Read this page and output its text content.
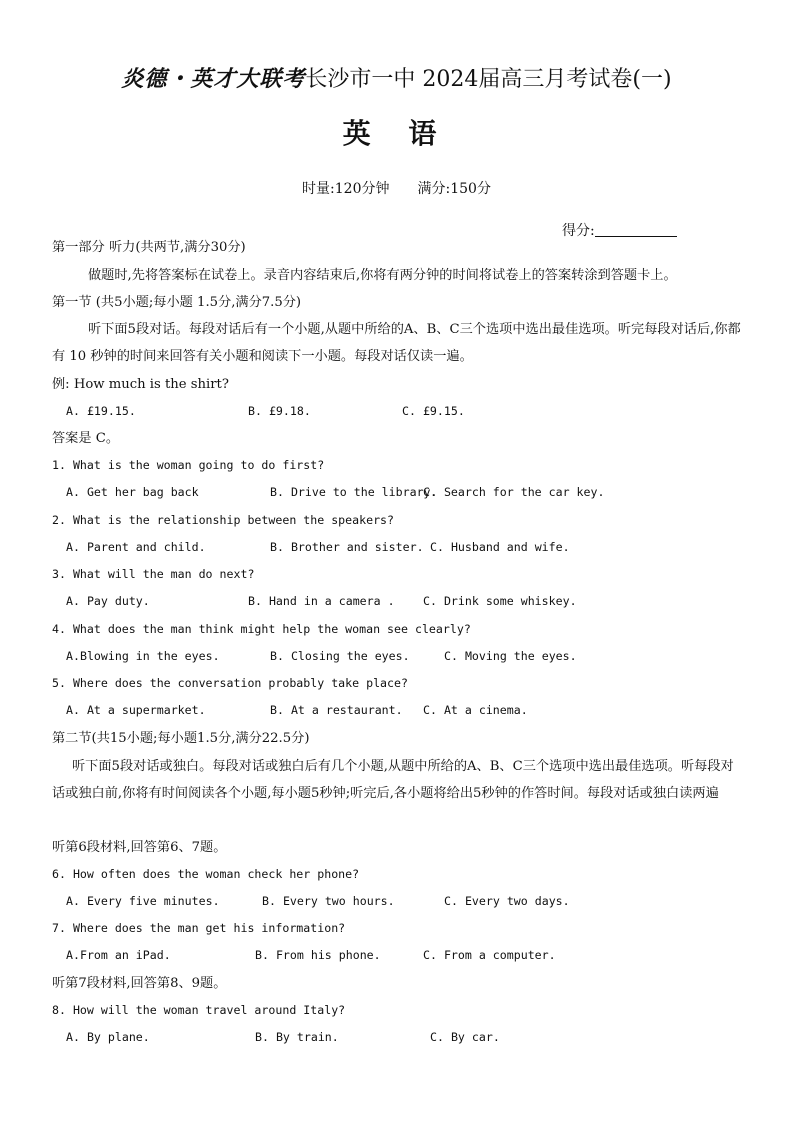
炎德・英才大联考长沙市一中 2024届高三月考试卷(一)
英 语
时量:120分钟 满分:150分
得分:
第一部分 听力(共两节,满分30分)
做题时,先将答案标在试卷上。录音内容结束后,你将有两分钟的时间将试卷上的答案转涂到答题卡上。
第一节 (共5小题;每小题 1.5分,满分7.5分)
听下面5段对话。每段对话后有一个小题,从题中所给的A、B、C三个选项中选出最佳选项。听完每段对话后,你都有 10 秒钟的时间来回答有关小题和阅读下一小题。每段对话仅读一遍。
例: How much is the shirt?
A. £19.15.	B. £9.18.	C. £9.15.
答案是 C。
1. What is the woman going to do first?
A. Get her bag back	B. Drive to the library.
C. Search for the car key.
2. What is the relationship between the speakers?
A. Parent and child.	B. Brother and sister. C. Husband and wife.
3. What will the man do next?
A. Pay duty.	B. Hand in a camera . C. Drink some whiskey.
4. What does the man think might help the woman see clearly?
A.Blowing in the eyes.	B. Closing the eyes.	C. Moving the eyes.
5. Where does the conversation probably take place?
A. At a supermarket.	B. At a restaurant. C. At a cinema.
第二节(共15小题;每小题1.5分,满分22.5分)
听下面5段对话或独白。每段对话或独白后有几个小题,从题中所给的A、B、C三个选项中选出最佳选项。听每段对话或独白前,你将有时间阅读各个小题,每小题5秒钟;听完后,各小题将给出5秒钟的作答时间。每段对话或独白读两遍
听第6段材料,回答第6、7题。
6. How often does the woman check her phone?
A. Every five minutes.	B. Every two hours.	C. Every two days.
7. Where does the man get his information?
A.From an iPad.	B. From his phone.	C. From a computer.
听第7段材料,回答第8、9题。
8. How will the woman travel around Italy?
A. By plane.	B. By train.	C. By car.
